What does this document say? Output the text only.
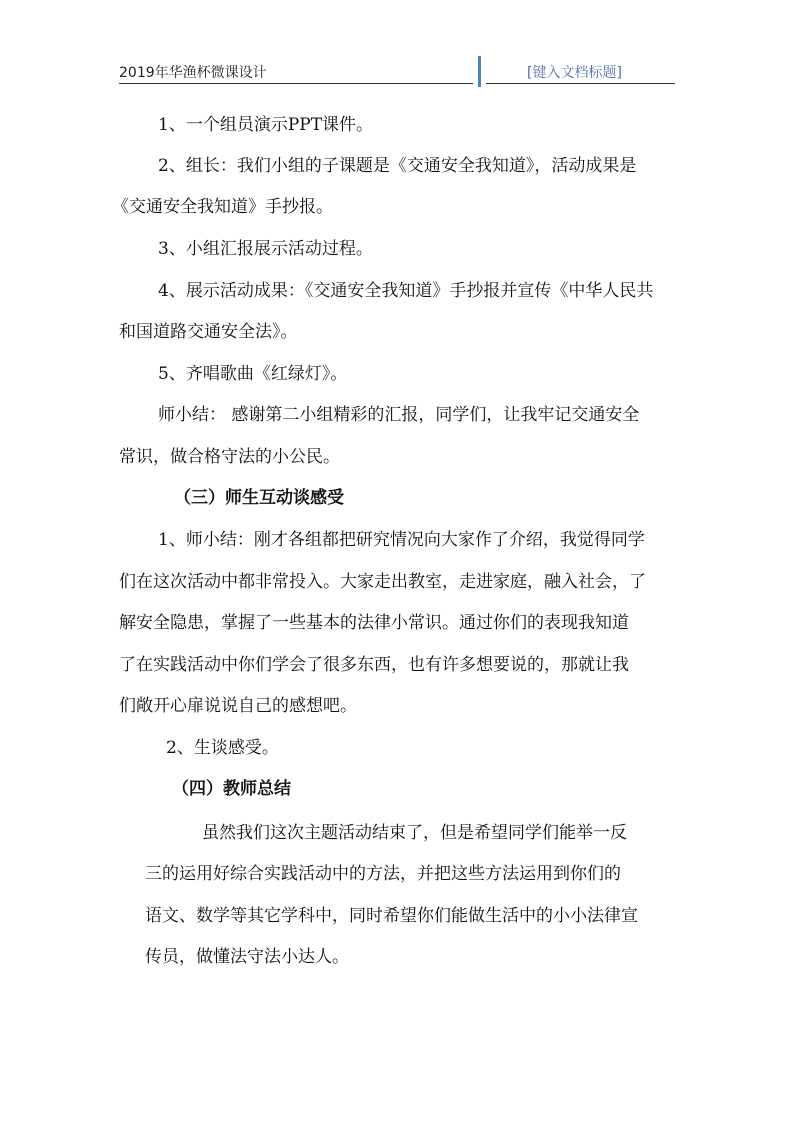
2019年华渔杯微课设计	[键入文档标题]
1、一个组员演示PPT课件。
2、组长：我们小组的子课题是《交通安全我知道》，活动成果是
《交通安全我知道》手抄报。
3、小组汇报展示活动过程。
4、展示活动成果：《交通安全我知道》手抄报并宣传《中华人民共
和国道路交通安全法》。
5、齐唱歌曲《红绿灯》。
师小结： 感谢第二小组精彩的汇报，同学们，让我牢记交通安全
常识，做合格守法的小公民。
（三）师生互动谈感受
1、师小结：刚才各组都把研究情况向大家作了介绍，我觉得同学
们在这次活动中都非常投入。大家走出教室，走进家庭，融入社会，了
解安全隐患，掌握了一些基本的法律小常识。通过你们的表现我知道
了在实践活动中你们学会了很多东西，也有许多想要说的，那就让我
们敞开心扉说说自己的感想吧。
2、生谈感受。
（四）教师总结
虽然我们这次主题活动结束了，但是希望同学们能举一反
三的运用好综合实践活动中的方法，并把这些方法运用到你们的
语文、数学等其它学科中，同时希望你们能做生活中的小小法律宣
传员，做懂法守法小达人。
